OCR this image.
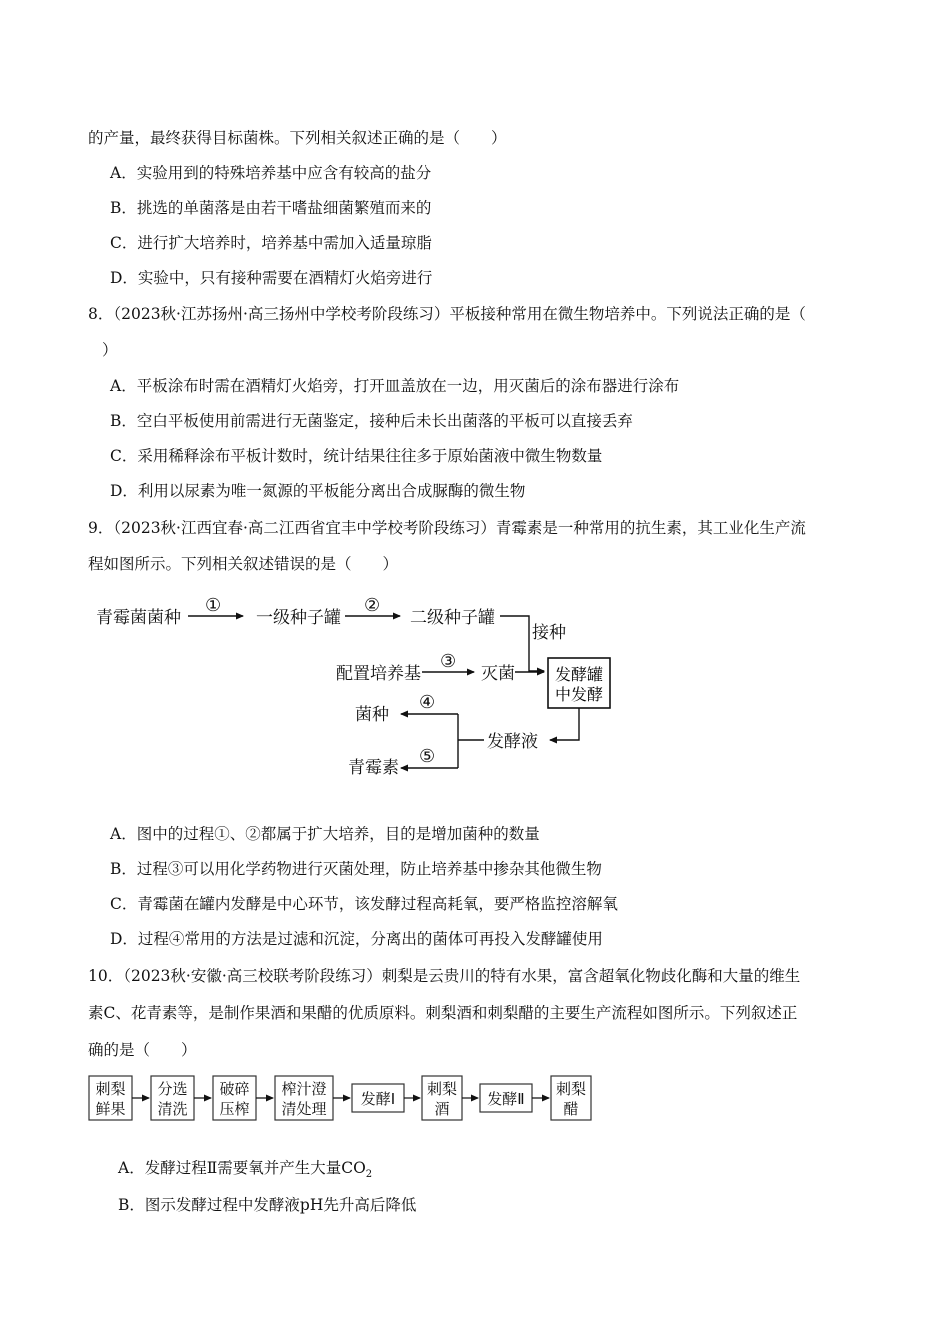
的产量，最终获得目标菌株。下列相关叙述正确的是（　　）
A．实验用到的特殊培养基中应含有较高的盐分
B．挑选的单菌落是由若干嗜盐细菌繁殖而来的
C．进行扩大培养时，培养基中需加入适量琼脂
D．实验中，只有接种需要在酒精灯火焰旁进行
8．（2023秋·江苏扬州·高三扬州中学校考阶段练习）平板接种常用在微生物培养中。下列说法正确的是（
）
A．平板涂布时需在酒精灯火焰旁，打开皿盖放在一边，用灭菌后的涂布器进行涂布
B．空白平板使用前需进行无菌鉴定，接种后未长出菌落的平板可以直接丢弃
C．采用稀释涂布平板计数时，统计结果往往多于原始菌液中微生物数量
D．利用以尿素为唯一氮源的平板能分离出合成脲酶的微生物
9．（2023秋·江西宜春·高二江西省宜丰中学校考阶段练习）青霉素是一种常用的抗生素，其工业化生产流
程如图所示。下列相关叙述错误的是（　　）
青霉菌菌种	一级种子罐	二级种子罐
接种
配置培养基	灭菌
菌种
发酵液
青霉素
①	②
③
④
⑤
发酵罐
中发酵
A．图中的过程①、②都属于扩大培养，目的是增加菌种的数量
B．过程③可以用化学药物进行灭菌处理，防止培养基中掺杂其他微生物
C．青霉菌在罐内发酵是中心环节，该发酵过程高耗氧，要严格监控溶解氧
D．过程④常用的方法是过滤和沉淀，分离出的菌体可再投入发酵罐使用
10．（2023秋·安徽·高三校联考阶段练习）刺梨是云贵川的特有水果，富含超氧化物歧化酶和大量的维生
素C、花青素等，是制作果酒和果醋的优质原料。刺梨酒和刺梨醋的主要生产流程如图所示。下列叙述正
确的是（　　）
刺梨
鲜果
分选
清洗
破碎
压榨
榨汁澄
清处理
发酵Ⅰ
刺梨
酒
发酵Ⅱ
刺梨
醋
A．发酵过程Ⅱ需要氧并产生大量$CO_2$
B．图示发酵过程中发酵液pH先升高后降低
